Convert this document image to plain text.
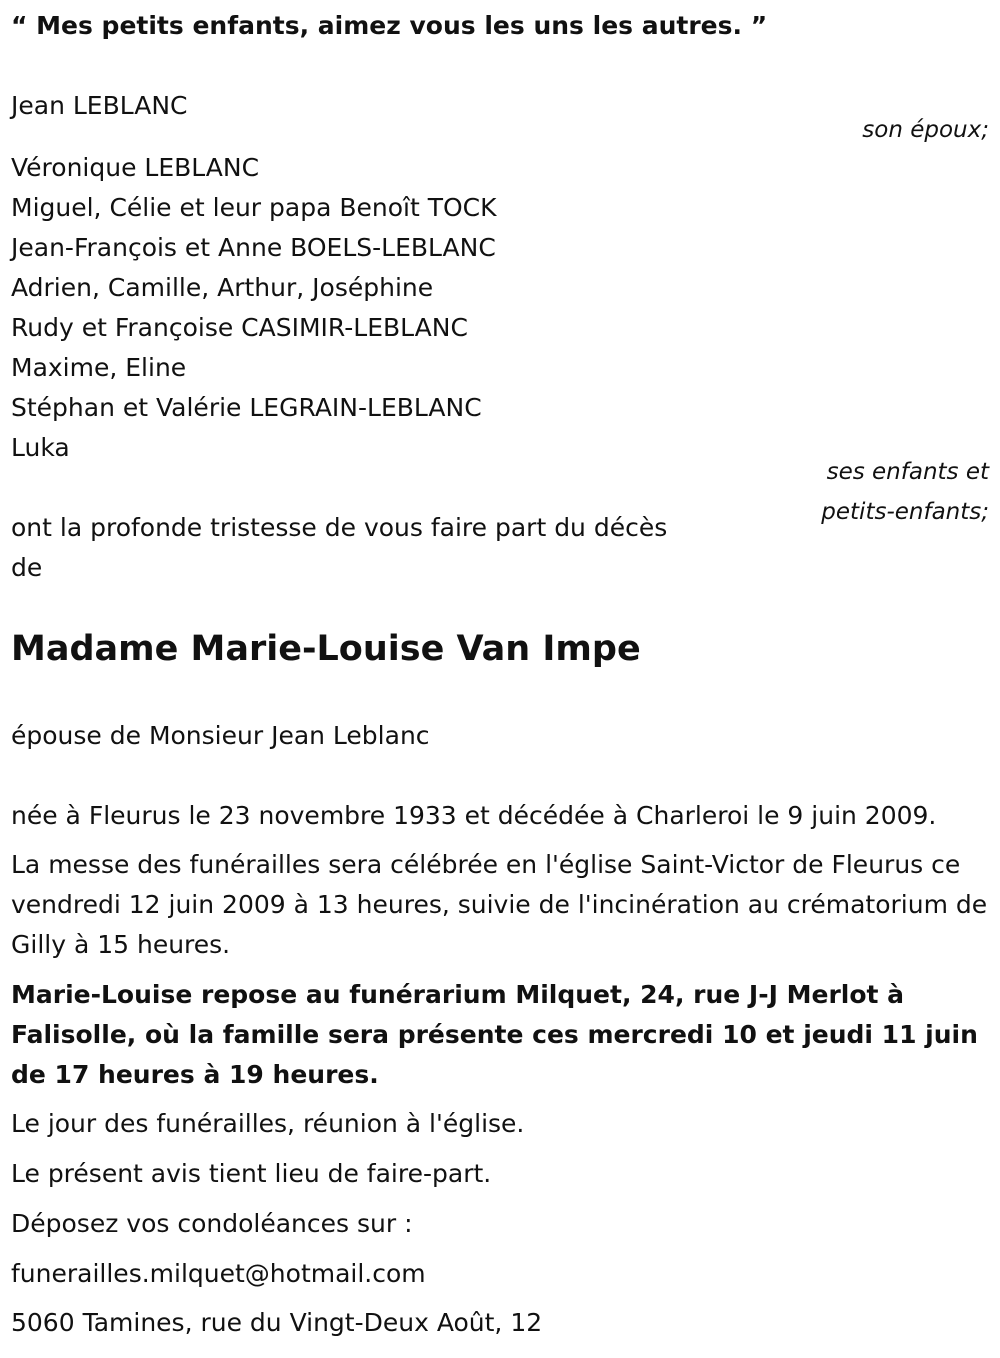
“ Mes petits enfants, aimez vous les uns les autres. ”
Jean LEBLANC
son époux;
Véronique LEBLANC
Miguel, Célie et leur papa Benoît TOCK
Jean-François et Anne BOELS-LEBLANC
Adrien, Camille, Arthur, Joséphine
Rudy et Françoise CASIMIR-LEBLANC
Maxime, Eline
Stéphan et Valérie LEGRAIN-LEBLANC
Luka
ses enfants et
petits-enfants;
ont la profonde tristesse de vous faire part du décès
de
Madame Marie-Louise Van Impe
épouse de Monsieur Jean Leblanc
née à Fleurus le 23 novembre 1933 et décédée à Charleroi le 9 juin 2009.
La messe des funérailles sera célébrée en l'église Saint-Victor de Fleurus ce vendredi 12 juin 2009 à 13 heures, suivie de l'incinération au crématorium de Gilly à 15 heures.
Marie-Louise repose au funérarium Milquet, 24, rue J-J Merlot à Falisolle, où la famille sera présente ces mercredi 10 et jeudi 11 juin de 17 heures à 19 heures.
Le jour des funérailles, réunion à l'église.
Le présent avis tient lieu de faire-part.
Déposez vos condoléances sur :
funerailles.milquet@hotmail.com
5060 Tamines, rue du Vingt-Deux Août, 12
